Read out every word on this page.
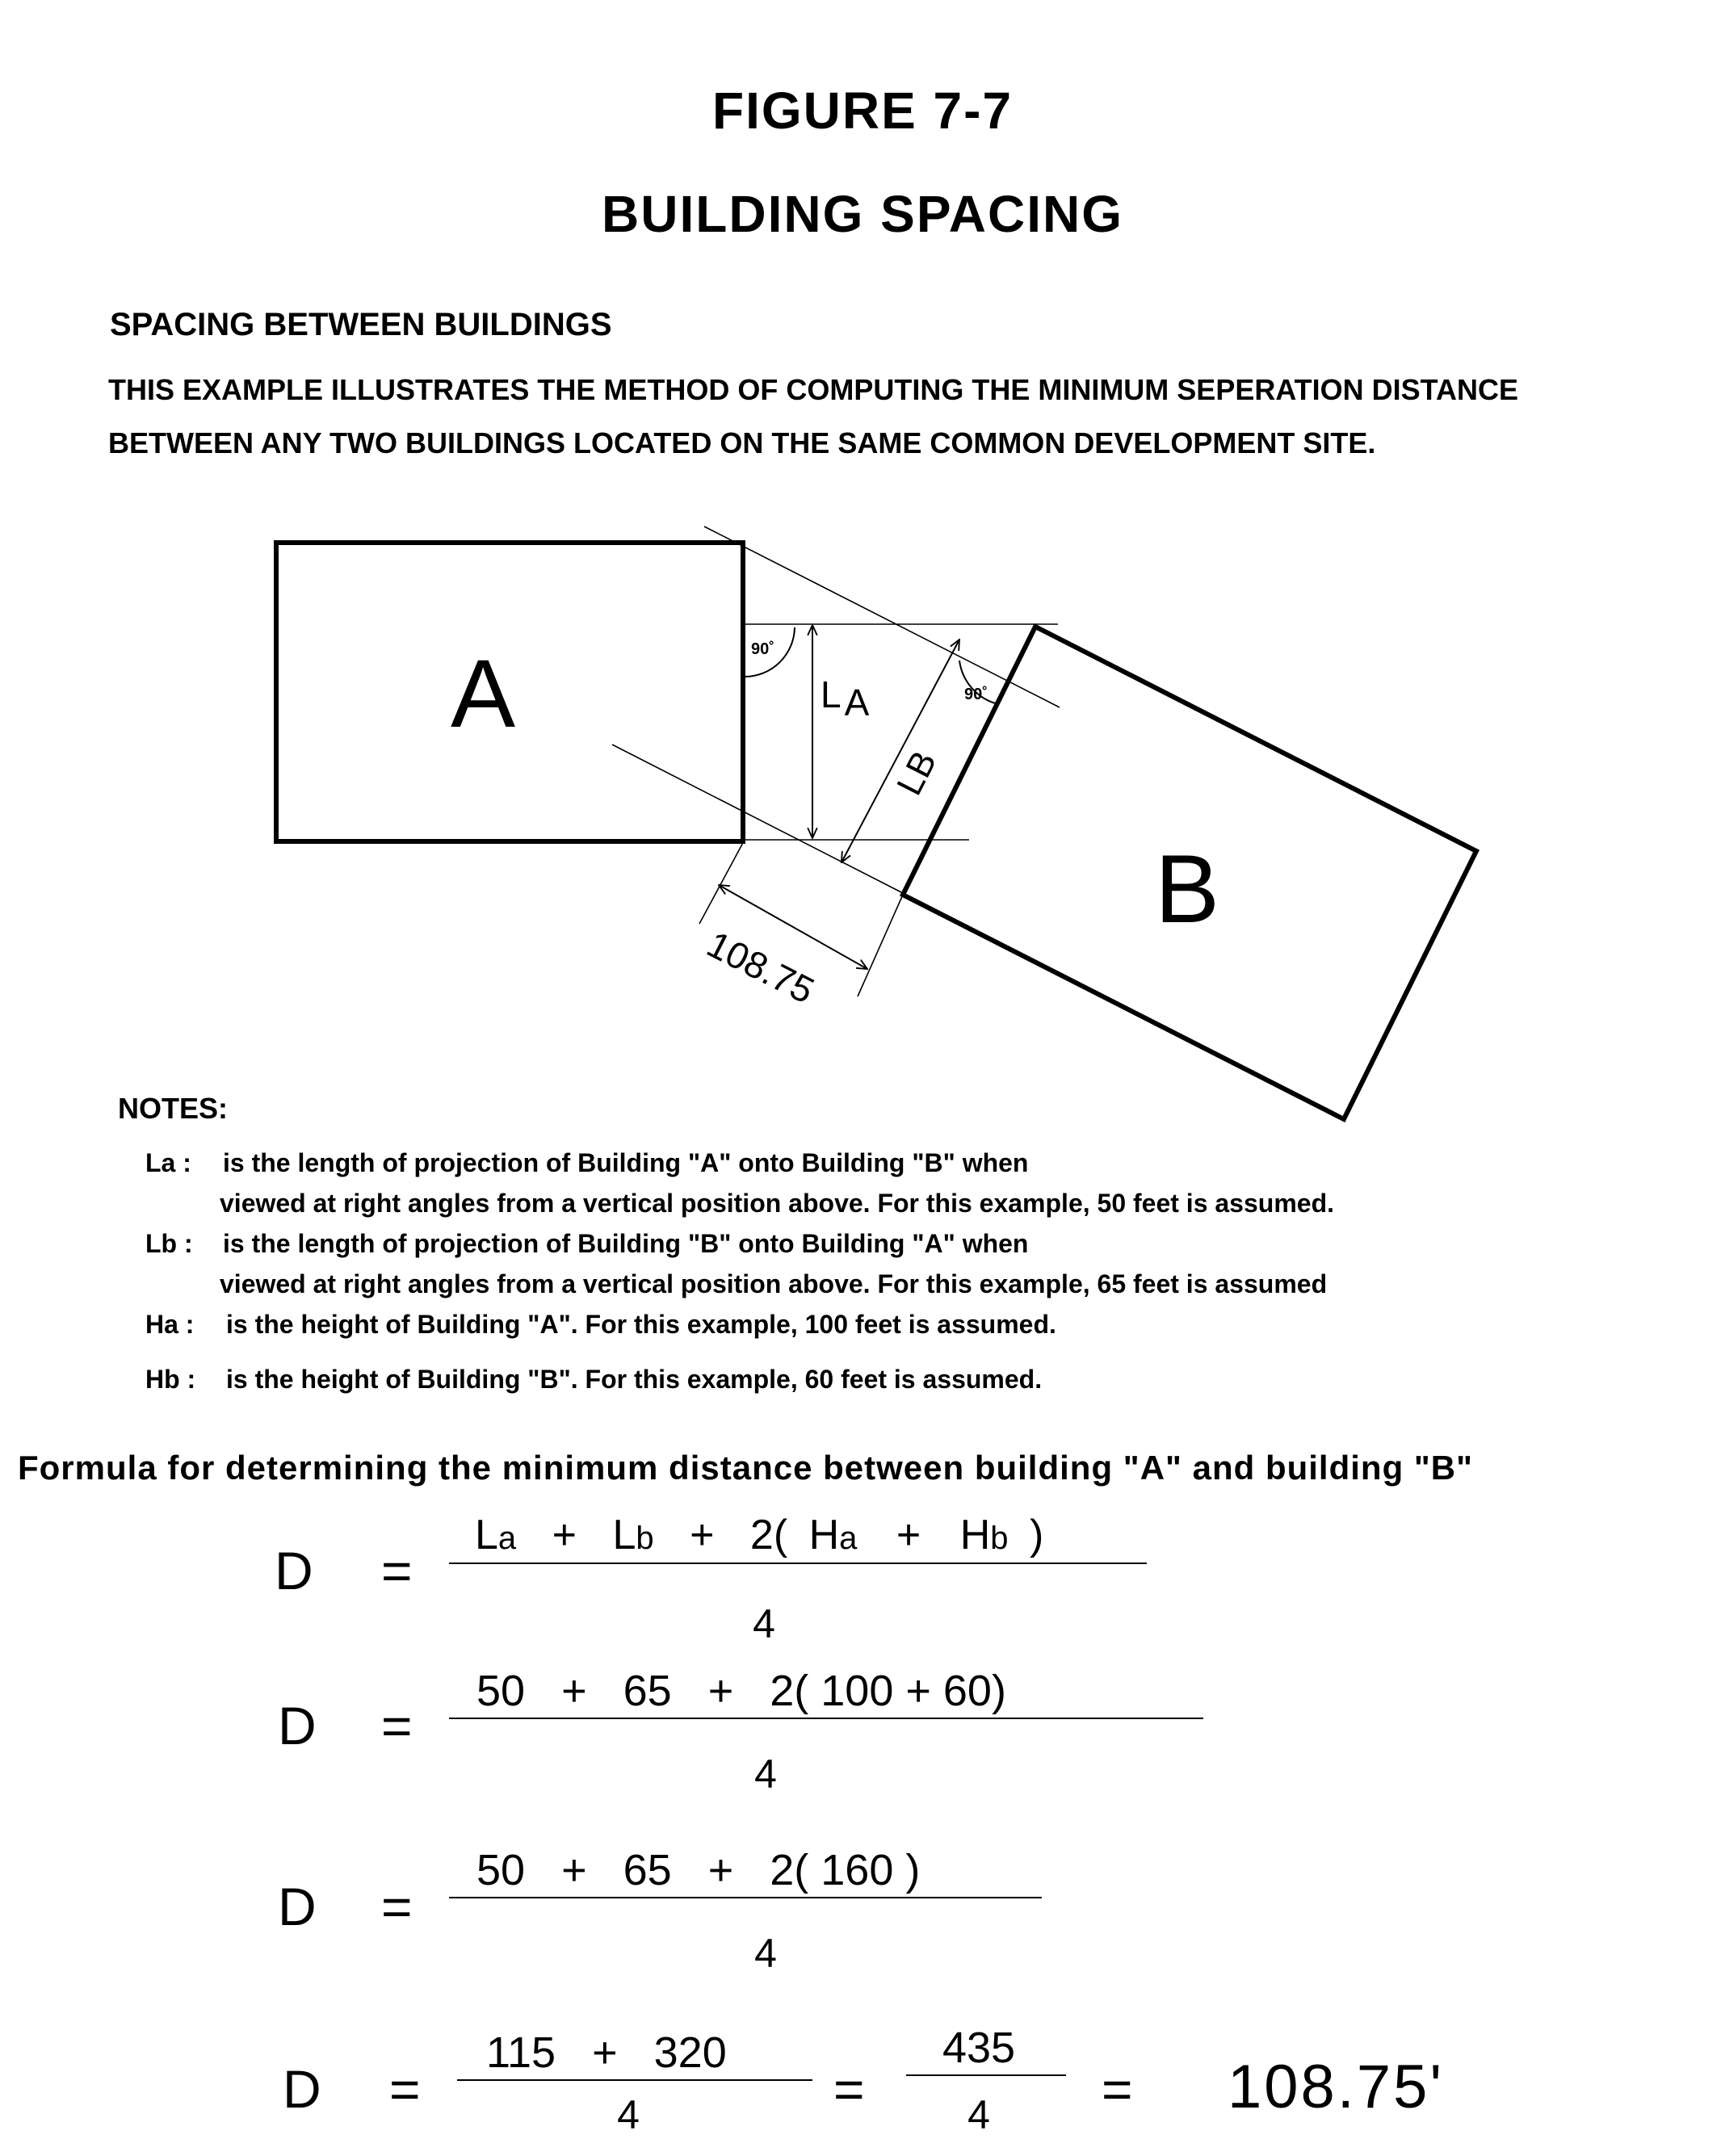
FIGURE 7-7
BUILDING SPACING
SPACING BETWEEN BUILDINGS
THIS EXAMPLE ILLUSTRATES THE METHOD OF COMPUTING THE MINIMUM SEPERATION DISTANCE
BETWEEN ANY TWO BUILDINGS LOCATED ON THE SAME COMMON DEVELOPMENT SITE.
A
B
LA
LB
108.75
90˚
90˚
NOTES:
La : is the length of projection of Building "A" onto Building "B" when
viewed at right angles from a vertical position above. For this example, 50 feet is assumed.
Lb : is the length of projection of Building "B" onto Building "A" when
viewed at right angles from a vertical position above. For this example, 65 feet is assumed
Ha : is the height of Building "A". For this example, 100 feet is assumed.
Hb : is the height of Building "B". For this example, 60 feet is assumed.
Formula for determining the minimum distance between building "A" and building "B"
D =
La + Lb + 2( Ha + Hb )
4
D =
50   +   65   +   2( 100 + 60)
4
D =
50   +   65   +   2( 160 )
4
D =
115   +   320
4	=
435
4 = 108.75'
